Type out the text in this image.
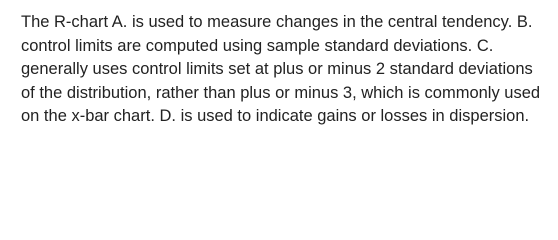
The R-chart A. is used to measure changes in the central tendency. B. control limits are computed using sample standard deviations. C. generally uses control limits set at plus or minus 2 standard deviations of the distribution, rather than plus or minus 3, which is commonly used on the x-bar chart. D. is used to indicate gains or losses in dispersion.
